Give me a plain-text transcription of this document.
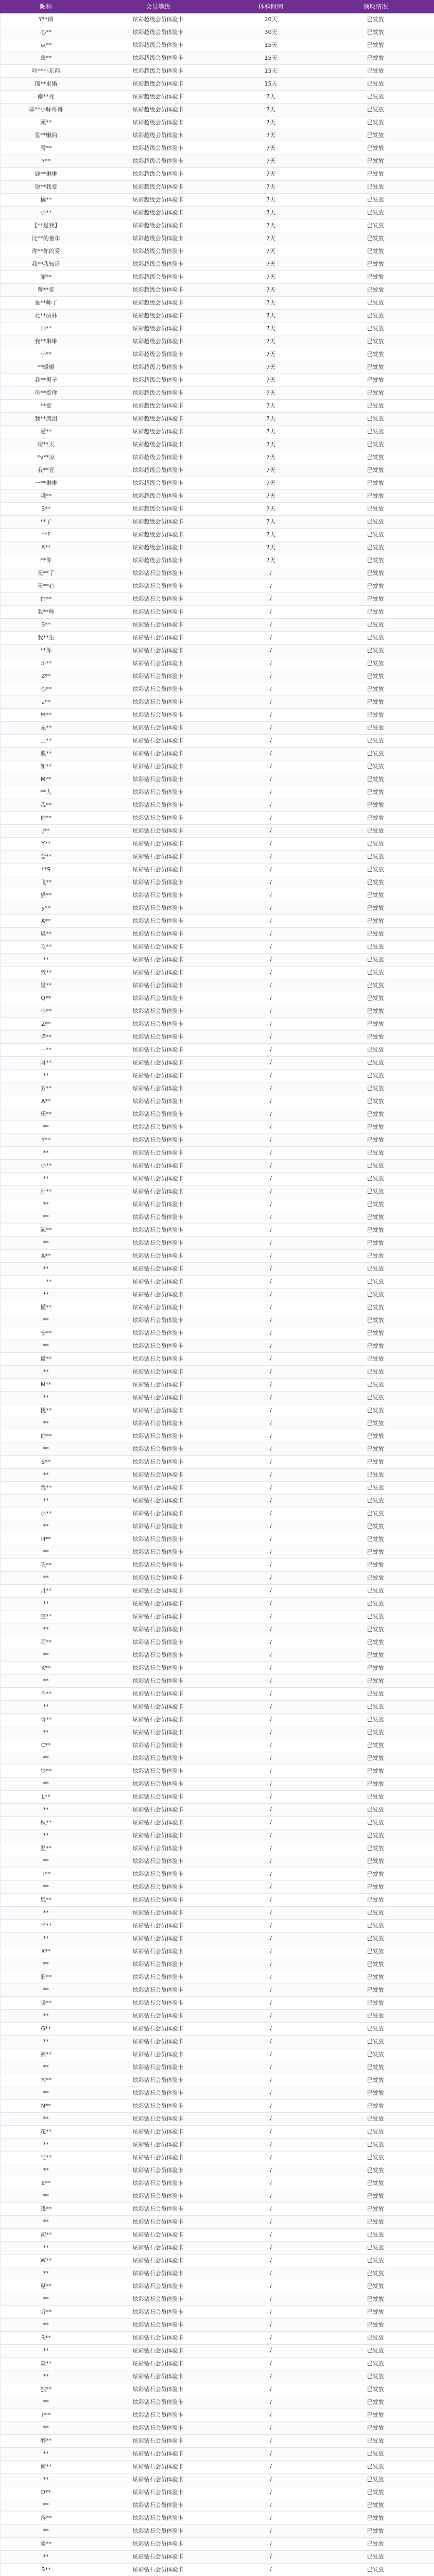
昵称	会员等级	体验时间	领取情况
Y**朗	炫彩超级会员体验卡	20天	已发放
心**	炫彩超级会员体验卡	30天	已发放
点**	炫彩超级会员体验卡	15天	已发放
拿**	炫彩超级会员体验卡	15天	已发放
呸**小东西	炫彩超级会员体验卡	15天	已发放
琉**求婚	炫彩超级会员体验卡	15天	已发放
南**死	炫彩超级会员体验卡	7天	已发放
耶**小咏哥哥	炫彩超级会员体验卡	7天	已发放
顾**	炫彩超级会员体验卡	7天	已发放
星**嫩的	炫彩超级会员体验卡	7天	已发放
雪**	炫彩超级会员体验卡	7天	已发放
Y**	炫彩超级会员体验卡	7天	已发放
鹿**琳琳	炫彩超级会员体验卡	7天	已发放
说**我爱	炫彩超级会员体验卡	7天	已发放
橘**	炫彩超级会员体验卡	7天	已发放
小**	炫彩超级会员体验卡	7天	已发放
【**是我】	炫彩超级会员体验卡	7天	已发放
比**的童年	炫彩超级会员体验卡	7天	已发放
你**你的爱	炫彩超级会员体验卡	7天	已发放
我**我知道	炫彩超级会员体验卡	7天	已发放
丽**	炫彩超级会员体验卡	7天	已发放
曾**爱	炫彩超级会员体验卡	7天	已发放
是**帅了	炫彩超级会员体验卡	7天	已发放
北**原林	炫彩超级会员体验卡	7天	已发放
帅**	炫彩超级会员体验卡	7天	已发放
我**琳琳	炫彩超级会员体验卡	7天	已发放
小**	炫彩超级会员体验卡	7天	已发放
**暖暖	炫彩超级会员体验卡	7天	已发放
我**男子	炫彩超级会员体验卡	7天	已发放
鱼**爱你	炫彩超级会员体验卡	7天	已发放
**爱	炫彩超级会员体验卡	7天	已发放
我**流泪	炫彩超级会员体验卡	7天	已发放
爱**	炫彩超级会员体验卡	7天	已发放
宿**天	炫彩超级会员体验卡	7天	已发放
*v**凉	炫彩超级会员体验卡	7天	已发放
我**丑	炫彩超级会员体验卡	7天	已发放
一**琳琳	炫彩超级会员体验卡	7天	已发放
哦**	炫彩超级会员体验卡	7天	已发放
S**	炫彩超级会员体验卡	7天	已发放
**子	炫彩超级会员体验卡	7天	已发放
**?	炫彩超级会员体验卡	7天	已发放
A**	炫彩超级会员体验卡	7天	已发放
**你	炫彩超级会员体验卡	7天	已发放
无**了	炫彩钻石会员体验卡	/	已发放
无**心	炫彩钻石会员体验卡	/	已发放
白**	炫彩钻石会员体验卡	/	已发放
我**帅	炫彩钻石会员体验卡	/	已发放
S**	炫彩钻石会员体验卡	/	已发放
我**生	炫彩钻石会员体验卡	/	已发放
**你	炫彩钻石会员体验卡	/	已发放
ル**	炫彩钻石会员体验卡	/	已发放
Z**	炫彩钻石会员体验卡	/	已发放
心**	炫彩钻石会员体验卡	/	已发放
a**	炫彩钻石会员体验卡	/	已发放
林**	炫彩钻石会员体验卡	/	已发放
无**	炫彩钻石会员体验卡	/	已发放
上**	炫彩钻石会员体验卡	/	已发放
熊**	炫彩钻石会员体验卡	/	已发放
如**	炫彩钻石会员体验卡	/	已发放
M**	炫彩钻石会员体验卡	/	已发放
**人	炫彩钻石会员体验卡	/	已发放
我**	炫彩钻石会员体验卡	/	已发放
你**	炫彩钻石会员体验卡	/	已发放
J**	炫彩钻石会员体验卡	/	已发放
Y**	炫彩钻石会员体验卡	/	已发放
念**	炫彩钻石会员体验卡	/	已发放
**9	炫彩钻石会员体验卡	/	已发放
飞**	炫彩钻石会员体验卡	/	已发放
猫**	炫彩钻石会员体验卡	/	已发放
y**	炫彩钻石会员体验卡	/	已发放
A**	炫彩钻石会员体验卡	/	已发放
晨**	炫彩钻石会员体验卡	/	已发放
吃**	炫彩钻石会员体验卡	/	已发放
**	炫彩钻石会员体验卡	/	已发放
我**	炫彩钻石会员体验卡	/	已发放
星**	炫彩钻石会员体验卡	/	已发放
Q**	炫彩钻石会员体验卡	/	已发放
小**	炫彩钻石会员体验卡	/	已发放
Z**	炫彩钻石会员体验卡	/	已发放
喵**	炫彩钻石会员体验卡	/	已发放
一**	炫彩钻石会员体验卡	/	已发放
时**	炫彩钻石会员体验卡	/	已发放
**	炫彩钻石会员体验卡	/	已发放
芳**	炫彩钻石会员体验卡	/	已发放
A**	炫彩钻石会员体验卡	/	已发放
乐**	炫彩钻石会员体验卡	/	已发放
**	炫彩钻石会员体验卡	/	已发放
Y**	炫彩钻石会员体验卡	/	已发放
**	炫彩钻石会员体验卡	/	已发放
小**	炫彩钻石会员体验卡	/	已发放
**	炫彩钻石会员体验卡	/	已发放
胖**	炫彩钻石会员体验卡	/	已发放
**	炫彩钻石会员体验卡	/	已发放
**	炫彩钻石会员体验卡	/	已发放
鲸**	炫彩钻石会员体验卡	/	已发放
**	炫彩钻石会员体验卡	/	已发放
A**	炫彩钻石会员体验卡	/	已发放
**	炫彩钻石会员体验卡	/	已发放
一**	炫彩钻石会员体验卡	/	已发放
**	炫彩钻石会员体验卡	/	已发放
懂**	炫彩钻石会员体验卡	/	已发放
**	炫彩钻石会员体验卡	/	已发放
安**	炫彩钻石会员体验卡	/	已发放
**	炫彩钻石会员体验卡	/	已发放
微**	炫彩钻石会员体验卡	/	已发放
**	炫彩钻石会员体验卡	/	已发放
M**	炫彩钻石会员体验卡	/	已发放
**	炫彩钻石会员体验卡	/	已发放
桃**	炫彩钻石会员体验卡	/	已发放
**	炫彩钻石会员体验卡	/	已发放
你**	炫彩钻石会员体验卡	/	已发放
**	炫彩钻石会员体验卡	/	已发放
S**	炫彩钻石会员体验卡	/	已发放
**	炫彩钻石会员体验卡	/	已发放
我**	炫彩钻石会员体验卡	/	已发放
**	炫彩钻石会员体验卡	/	已发放
小**	炫彩钻石会员体验卡	/	已发放
**	炫彩钻石会员体验卡	/	已发放
H**	炫彩钻石会员体验卡	/	已发放
**	炫彩钻石会员体验卡	/	已发放
陈**	炫彩钻石会员体验卡	/	已发放
**	炫彩钻石会员体验卡	/	已发放
月**	炫彩钻石会员体验卡	/	已发放
**	炫彩钻石会员体验卡	/	已发放
空**	炫彩钻石会员体验卡	/	已发放
**	炫彩钻石会员体验卡	/	已发放
雨**	炫彩钻石会员体验卡	/	已发放
**	炫彩钻石会员体验卡	/	已发放
K**	炫彩钻石会员体验卡	/	已发放
**	炫彩钻石会员体验卡	/	已发放
不**	炫彩钻石会员体验卡	/	已发放
**	炫彩钻石会员体验卡	/	已发放
青**	炫彩钻石会员体验卡	/	已发放
**	炫彩钻石会员体验卡	/	已发放
C**	炫彩钻石会员体验卡	/	已发放
**	炫彩钻石会员体验卡	/	已发放
梦**	炫彩钻石会员体验卡	/	已发放
**	炫彩钻石会员体验卡	/	已发放
L**	炫彩钻石会员体验卡	/	已发放
**	炫彩钻石会员体验卡	/	已发放
秋**	炫彩钻石会员体验卡	/	已发放
**	炫彩钻石会员体验卡	/	已发放
温**	炫彩钻石会员体验卡	/	已发放
**	炫彩钻石会员体验卡	/	已发放
T**	炫彩钻石会员体验卡	/	已发放
**	炫彩钻石会员体验卡	/	已发放
風**	炫彩钻石会员体验卡	/	已发放
**	炫彩钻石会员体验卡	/	已发放
半**	炫彩钻石会员体验卡	/	已发放
**	炫彩钻石会员体验卡	/	已发放
X**	炫彩钻石会员体验卡	/	已发放
**	炫彩钻石会员体验卡	/	已发放
旧**	炫彩钻石会员体验卡	/	已发放
**	炫彩钻石会员体验卡	/	已发放
暖**	炫彩钻石会员体验卡	/	已发放
**	炫彩钻石会员体验卡	/	已发放
G**	炫彩钻石会员体验卡	/	已发放
**	炫彩钻石会员体验卡	/	已发放
素**	炫彩钻石会员体验卡	/	已发放
**	炫彩钻石会员体验卡	/	已发放
木**	炫彩钻石会员体验卡	/	已发放
**	炫彩钻石会员体验卡	/	已发放
N**	炫彩钻石会员体验卡	/	已发放
**	炫彩钻石会员体验卡	/	已发放
花**	炫彩钻石会员体验卡	/	已发放
**	炫彩钻石会员体验卡	/	已发放
唯**	炫彩钻石会员体验卡	/	已发放
**	炫彩钻石会员体验卡	/	已发放
E**	炫彩钻石会员体验卡	/	已发放
**	炫彩钻石会员体验卡	/	已发放
浅**	炫彩钻石会员体验卡	/	已发放
**	炫彩钻石会员体验卡	/	已发放
初**	炫彩钻石会员体验卡	/	已发放
**	炫彩钻石会员体验卡	/	已发放
W**	炫彩钻石会员体验卡	/	已发放
**	炫彩钻石会员体验卡	/	已发放
夏**	炫彩钻石会员体验卡	/	已发放
**	炫彩钻石会员体验卡	/	已发放
听**	炫彩钻石会员体验卡	/	已发放
**	炫彩钻石会员体验卡	/	已发放
R**	炫彩钻石会员体验卡	/	已发放
**	炫彩钻石会员体验卡	/	已发放
森**	炫彩钻石会员体验卡	/	已发放
**	炫彩钻石会员体验卡	/	已发放
独**	炫彩钻石会员体验卡	/	已发放
**	炫彩钻石会员体验卡	/	已发放
P**	炫彩钻石会员体验卡	/	已发放
**	炫彩钻石会员体验卡	/	已发放
醉**	炫彩钻石会员体验卡	/	已发放
**	炫彩钻石会员体验卡	/	已发放
南**	炫彩钻石会员体验卡	/	已发放
**	炫彩钻石会员体验卡	/	已发放
D**	炫彩钻石会员体验卡	/	已发放
**	炫彩钻石会员体验卡	/	已发放
落**	炫彩钻石会员体验卡	/	已发放
**	炫彩钻石会员体验卡	/	已发放
淡**	炫彩钻石会员体验卡	/	已发放
**	炫彩钻石会员体验卡	/	已发放
B**	炫彩钻石会员体验卡	/	已发放
